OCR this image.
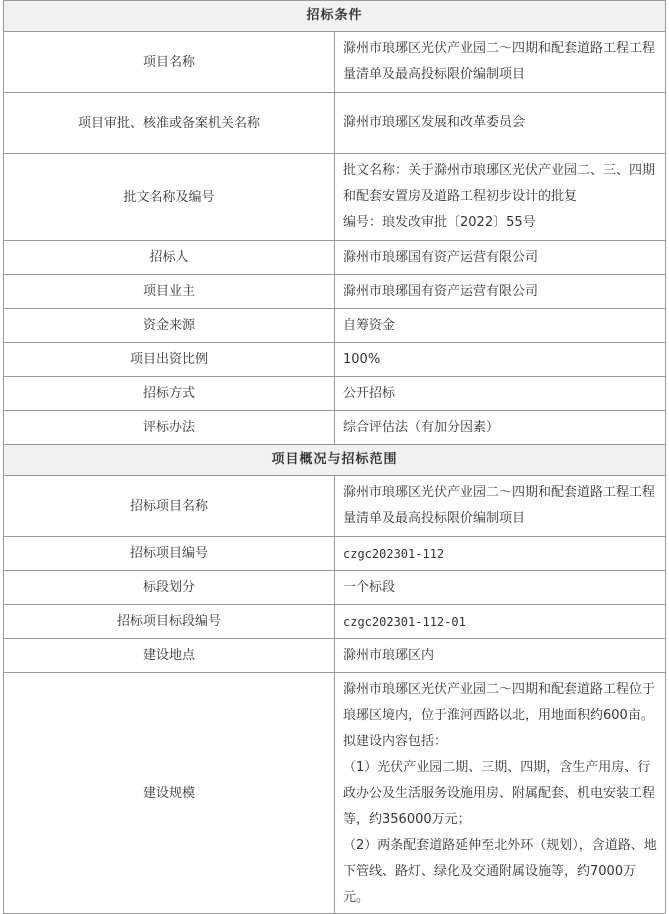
招标条件	
项目名称	滁州市琅琊区光伏产业园二～四期和配套道路工程工程量清单及最高投标限价编制项目
项目审批、核准或备案机关名称	滁州市琅琊区发展和改革委员会
批文名称及编号	批文名称：关于滁州市琅琊区光伏产业园二、三、四期和配套安置房及道路工程初步设计的批复

编号：琅发改审批〔2022〕55号

招标人	滁州市琅琊国有资产运营有限公司
项目业主	滁州市琅琊国有资产运营有限公司
资金来源	自筹资金
项目出资比例	100%
招标方式	公开招标
评标办法	综合评估法（有加分因素）
项目概况与招标范围	
招标项目名称	滁州市琅琊区光伏产业园二～四期和配套道路工程工程量清单及最高投标限价编制项目
招标项目编号	czgc202301-112
标段划分	一个标段
招标项目标段编号	czgc202301-112-01
建设地点	滁州市琅琊区内
建设规模	滁州市琅琊区光伏产业园二～四期和配套道路工程位于琅琊区境内，位于淮河西路以北，用地面积约600亩。拟建设内容包括：

（1）光伏产业园二期、三期、四期，含生产用房、行政办公及生活服务设施用房、附属配套、机电安装工程等，约356000万元；

（2）两条配套道路延伸至北外环（规划），含道路、地下管线、路灯、绿化及交通附属设施等，约7000万元。
